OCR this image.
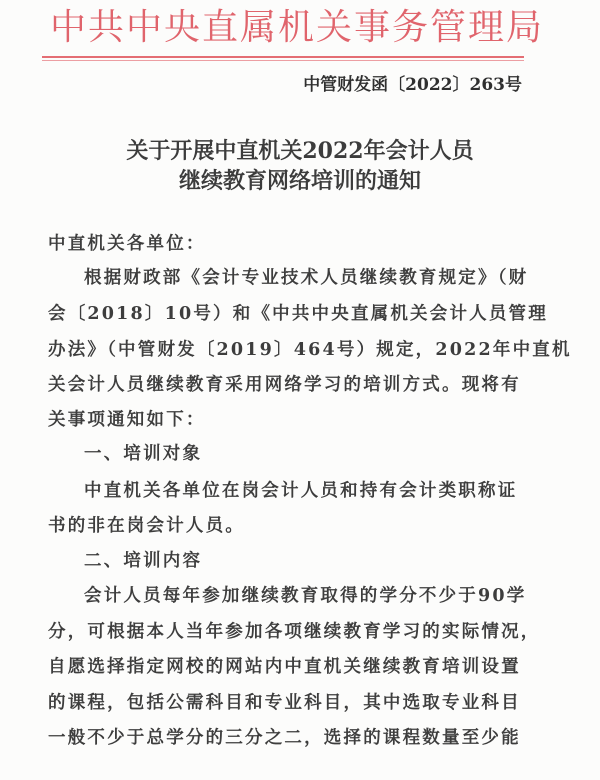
中共中央直属机关事务管理局
中管财发函〔2022〕263号
关于开展中直机关2022年会计人员
继续教育网络培训的通知
中直机关各单位：
根据财政部《会计专业技术人员继续教育规定》（财
会〔2018〕10号）和《中共中央直属机关会计人员管理
办法》（中管财发〔2019〕464号）规定，2022年中直机
关会计人员继续教育采用网络学习的培训方式。现将有
关事项通知如下：
一、培训对象
中直机关各单位在岗会计人员和持有会计类职称证
书的非在岗会计人员。
二、培训内容
会计人员每年参加继续教育取得的学分不少于90学
分，可根据本人当年参加各项继续教育学习的实际情况，
自愿选择指定网校的网站内中直机关继续教育培训设置
的课程，包括公需科目和专业科目，其中选取专业科目
一般不少于总学分的三分之二，选择的课程数量至少能
